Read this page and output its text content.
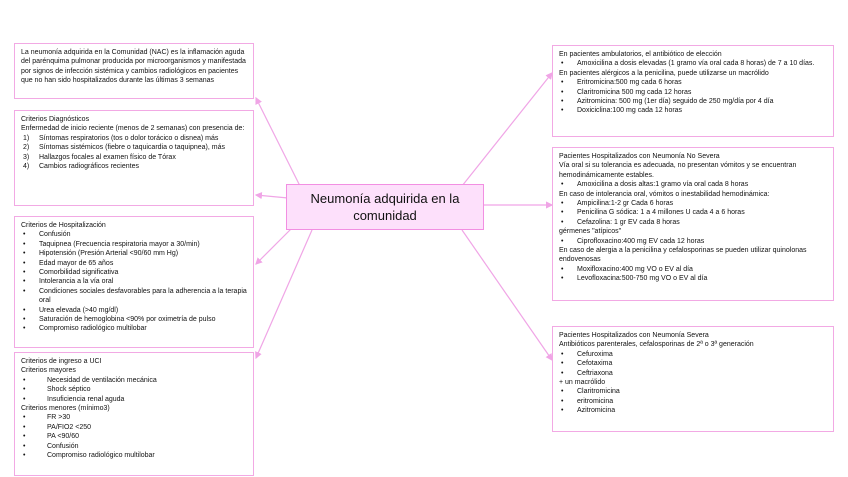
Neumonía adquirida en la comunidad
La neumonía adquirida en la Comunidad (NAC) es la inflamación aguda del parénquima pulmonar producida por microorganismos y manifestada por signos de infección sistémica y cambios radiológicos en pacientes que no han sido hospitalizados durante las últimas 3 semanas
Criterios Diagnósticos
Enfermedad de inicio reciente (menos de 2 semanas) con presencia de:
1) Síntomas respiratorios (tos o dolor torácico o disnea) más
2) Síntomas sistémicos (fiebre o taquicardia o taquipnea), más
3) Hallazgos focales al examen físico de Tórax
4) Cambios radiográficos recientes
Criterios de Hospitalización
• Confusión
• Taquipnea (Frecuencia respiratoria mayor a 30/min)
• Hipotensión (Presión Arterial <90/60 mm Hg)
• Edad mayor de 65 años
• Comorbilidad significativa
• Intolerancia a la vía oral
• Condiciones sociales desfavorables para la adherencia a la terapia oral
• Urea elevada (>40 mg/dl)
• Saturación de hemoglobina <90% por oximetría de pulso
• Compromiso radiológico multilobar
Criterios de ingreso a UCI
Criterios mayores
• Necesidad de ventilación mecánica
• Shock séptico
• Insuficiencia renal aguda
Criterios menores (mínimo3)
• FR >30
• PA/FIO2 <250
• PA <90/60
• Confusión
• Compromiso radiológico multilobar
En pacientes ambulatorios, el antibiótico de elección
• Amoxicilina a dosis elevadas (1 gramo vía oral cada 8 horas) de 7 a 10 días.
En pacientes alérgicos a la penicilina, puede utilizarse un macrólido
• Eritromicina:500 mg cada 6 horas
• Claritromicina 500 mg cada 12 horas
• Azitromicina: 500 mg (1er día) seguido de 250 mg/día por 4 día
• Doxiciclina:100 mg cada 12 horas
Pacientes Hospitalizados con Neumonía No Severa
Vía oral si su tolerancia es adecuada, no presentan vómitos y se encuentran hemodinámicamente estables.
• Amoxicilina a dosis altas:1 gramo vía oral cada 8 horas
En caso de intolerancia oral, vómitos o inestabilidad hemodinámica:
• Ampicilina:1-2 gr Cada 6 horas
• Penicilina G sódica: 1 a 4 millones U cada 4 a 6 horas
• Cefazolina: 1 gr EV cada 8 horas
gérmenes "atípicos"
• Ciprofloxacino:400 mg EV cada 12 horas
En caso de alergia a la penicilina y cefalosporinas se pueden utilizar quinolonas endovenosas
• Moxifloxacino:400 mg VO o EV al día
• Levofloxacina:500-750 mg VO o EV al día
Pacientes Hospitalizados con Neumonía Severa
Antibióticos parenterales, cefalosporinas de 2ª o 3ª generación
• Cefuroxima
• Cefotaxima
• Ceftriaxona
+ un macrólido
• Claritromicina
• eritromicina
• Azitromicina
